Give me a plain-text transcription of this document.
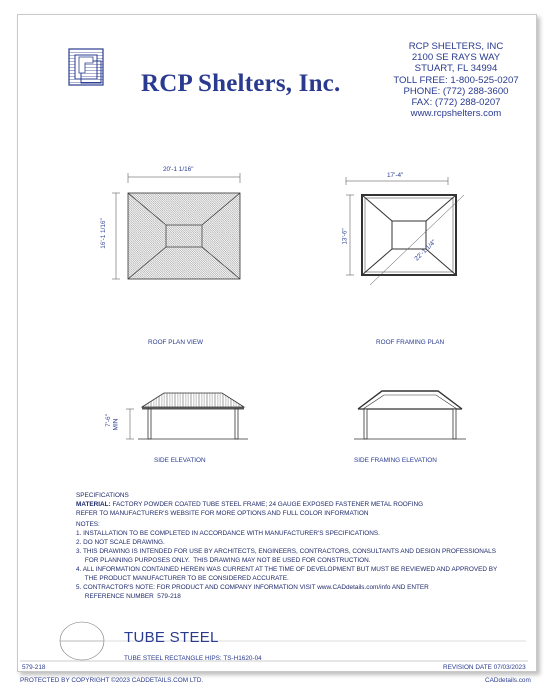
RCP Shelters, Inc.
RCP SHELTERS, INC
2100 SE RAYS WAY
STUART, FL 34994
TOLL FREE: 1-800-525-0207
PHONE: (772) 288-3600
FAX: (772) 288-0207
www.rcpshelters.com
20'-1 1/16"
16'-1 1/16"
ROOF PLAN VIEW
17'-4"
13'-6"
22'-1 1/4"
ROOF FRAMING PLAN
7'-6" MIN
SIDE ELEVATION	SIDE FRAMING ELEVATION
SPECIFICATIONS
MATERIAL: FACTORY POWDER COATED TUBE STEEL FRAME; 24 GAUGE EXPOSED FASTENER METAL ROOFING
REFER TO MANUFACTURER'S WEBSITE FOR MORE OPTIONS AND FULL COLOR INFORMATION
NOTES:
1. INSTALLATION TO BE COMPLETED IN ACCORDANCE WITH MANUFACTURER'S SPECIFICATIONS.
2. DO NOT SCALE DRAWING.
3. THIS DRAWING IS INTENDED FOR USE BY ARCHITECTS, ENGINEERS, CONTRACTORS, CONSULTANTS AND DESIGN PROFESSIONALS
FOR PLANNING PURPOSES ONLY.  THIS DRAWING MAY NOT BE USED FOR CONSTRUCTION.
4. ALL INFORMATION CONTAINED HEREIN WAS CURRENT AT THE TIME OF DEVELOPMENT BUT MUST BE REVIEWED AND APPROVED BY
THE PRODUCT MANUFACTURER TO BE CONSIDERED ACCURATE.
5. CONTRACTOR'S NOTE: FOR PRODUCT AND COMPANY INFORMATION VISIT www.CADdetails.com/info AND ENTER
REFERENCE NUMBER  579-218
TUBE STEEL
TUBE STEEL RECTANGLE HIPS: TS-H1620-04
579-218	REVISION DATE 07/03/2023
PROTECTED BY COPYRIGHT ©2023 CADDETAILS.COM LTD.	CADdetails.com
